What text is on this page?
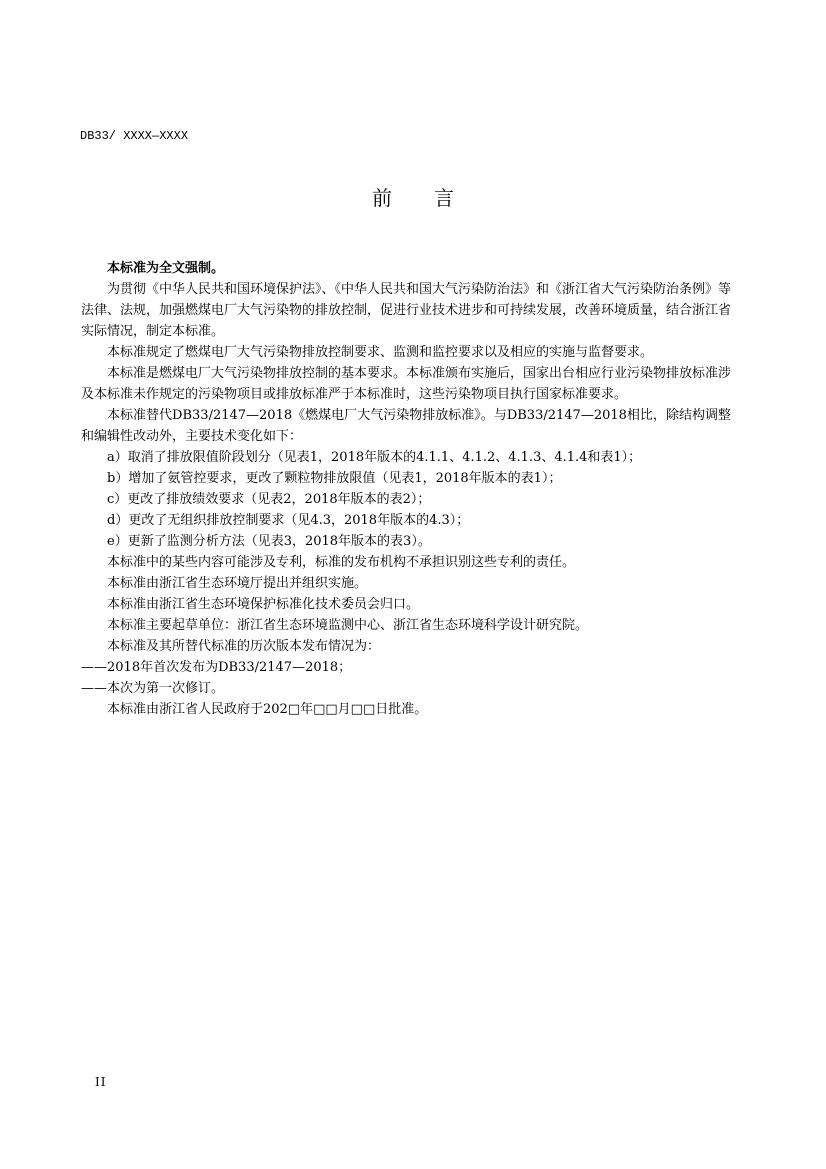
DB33/ XXXX—XXXX
前言

本标准为全文强制。

为贯彻《中华人民共和国环境保护法》、《中华人民共和国大气污染防治法》和《浙江省大气污染防治条例》等法律、法规，加强燃煤电厂大气污染物的排放控制，促进行业技术进步和可持续发展，改善环境质量，结合浙江省实际情况，制定本标准。

本标准规定了燃煤电厂大气污染物排放控制要求、监测和监控要求以及相应的实施与监督要求。

本标准是燃煤电厂大气污染物排放控制的基本要求。本标准颁布实施后，国家出台相应行业污染物排放标准涉及本标准未作规定的污染物项目或排放标准严于本标准时，这些污染物项目执行国家标准要求。

本标准替代DB33/2147—2018《燃煤电厂大气污染物排放标准》。与DB33/2147—2018相比，除结构调整和编辑性改动外，主要技术变化如下：

a）取消了排放限值阶段划分（见表1，2018年版本的4.1.1、4.1.2、4.1.3、4.1.4和表1）；

b）增加了氨管控要求，更改了颗粒物排放限值（见表1，2018年版本的表1）；

c）更改了排放绩效要求（见表2，2018年版本的表2）；

d）更改了无组织排放控制要求（见4.3，2018年版本的4.3）；

e）更新了监测分析方法（见表3，2018年版本的表3）。

本标准中的某些内容可能涉及专利，标准的发布机构不承担识别这些专利的责任。

本标准由浙江省生态环境厅提出并组织实施。

本标准由浙江省生态环境保护标准化技术委员会归口。

本标准主要起草单位：浙江省生态环境监测中心、浙江省生态环境科学设计研究院。

本标准及其所替代标准的历次版本发布情况为：

——2018年首次发布为DB33/2147—2018；

——本次为第一次修订。

本标准由浙江省人民政府于202□年□□月□□日批准。

II
